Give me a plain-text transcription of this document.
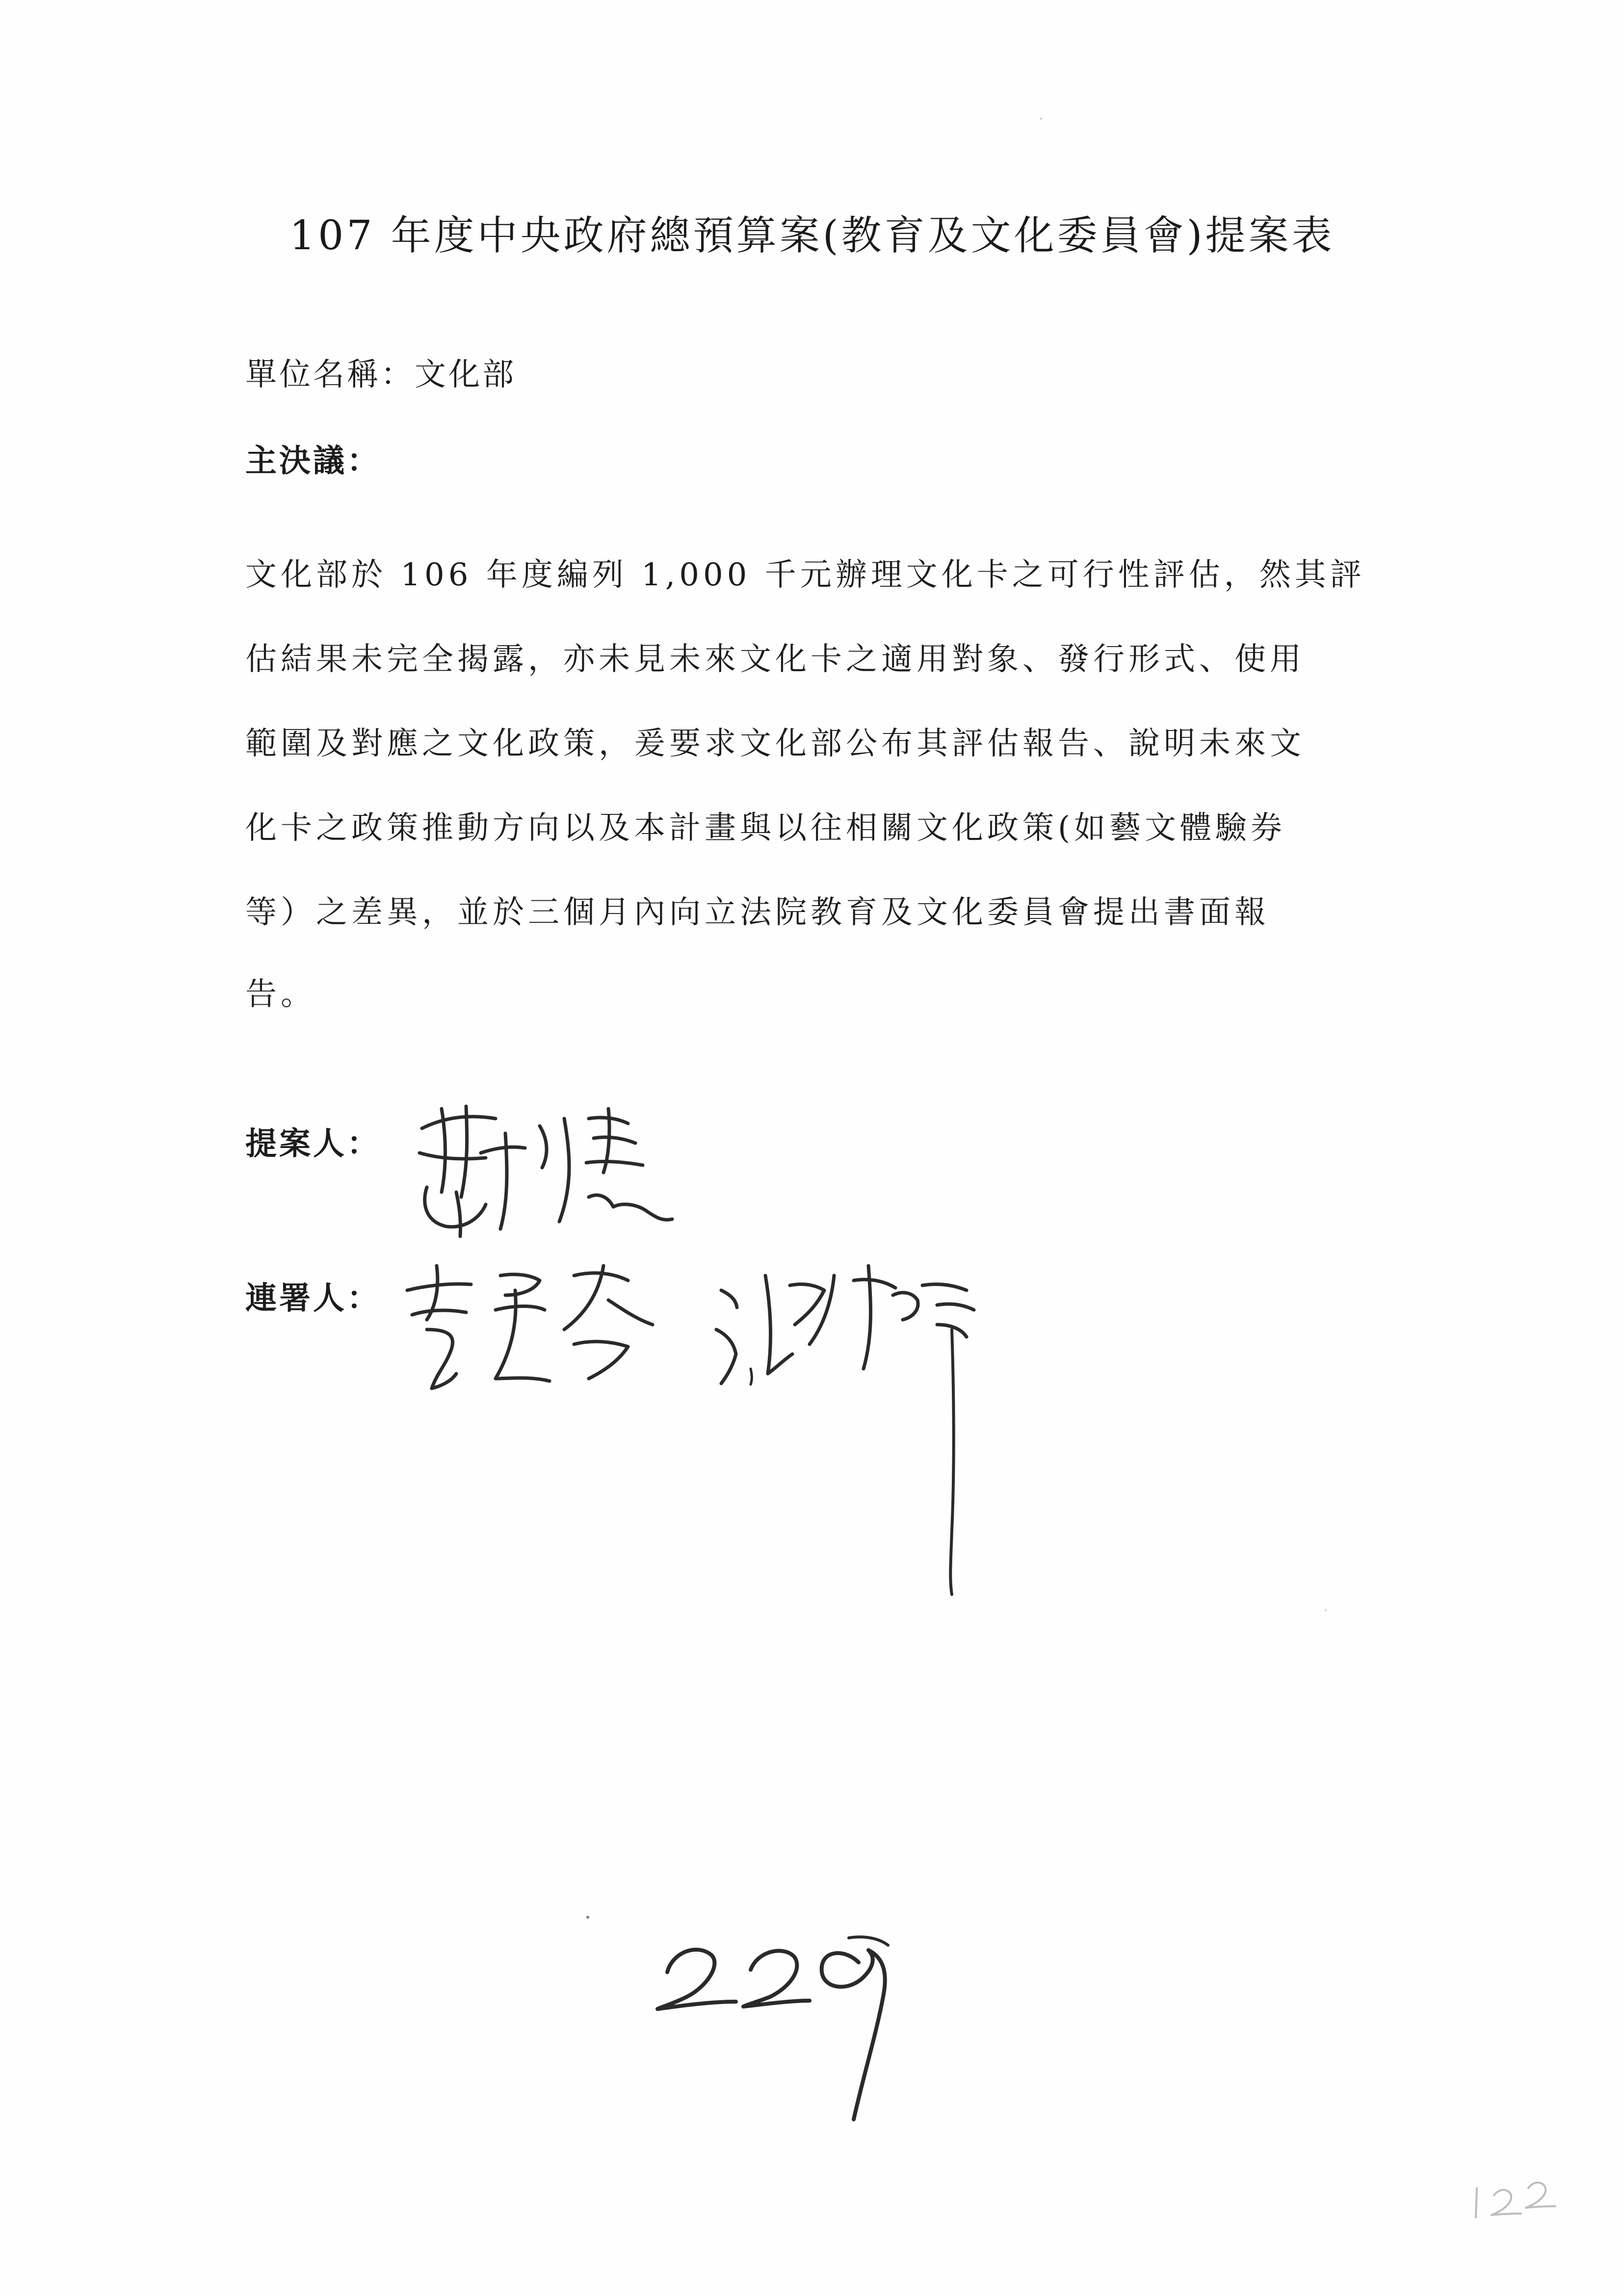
107 年度中央政府總預算案(教育及文化委員會)提案表
單位名稱：文化部
主決議：
文化部於 106 年度編列 1,000 千元辦理文化卡之可行性評估，然其評
估結果未完全揭露，亦未見未來文化卡之適用對象、發行形式、使用
範圍及對應之文化政策，爰要求文化部公布其評估報告、說明未來文
化卡之政策推動方向以及本計畫與以往相關文化政策(如藝文體驗券
等）之差異，並於三個月內向立法院教育及文化委員會提出書面報
告。
提案人：
連署人：
